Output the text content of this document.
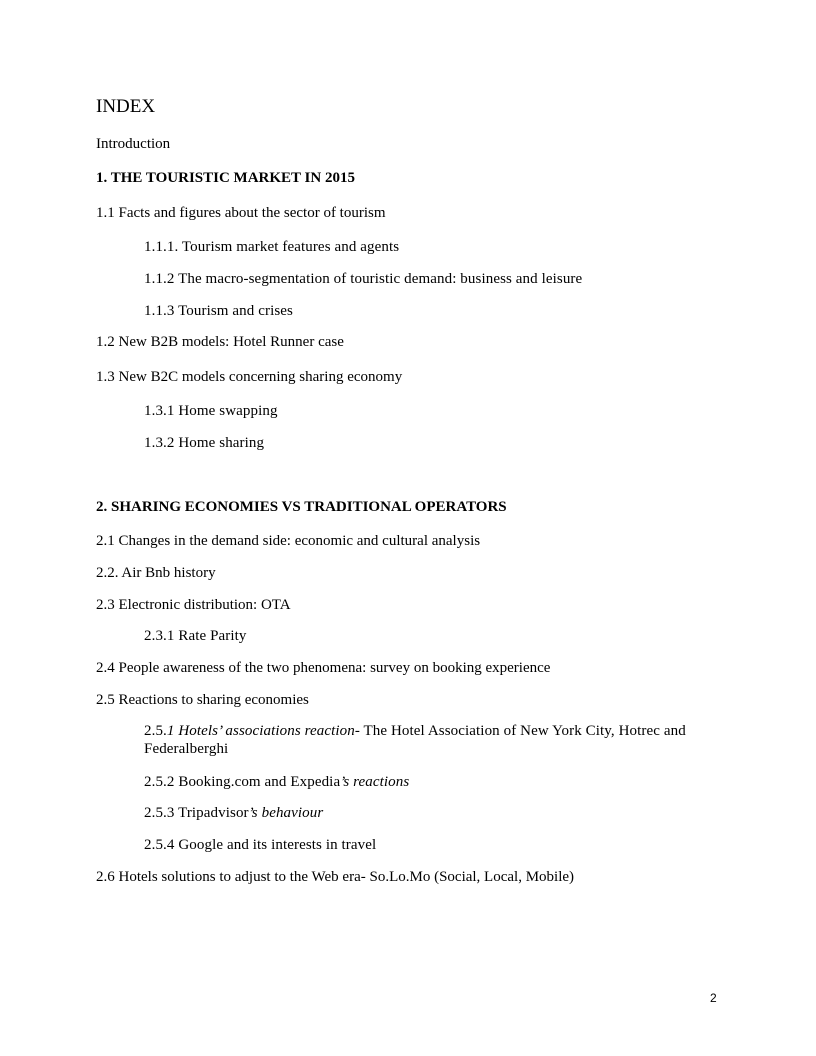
INDEX
Introduction
1. THE TOURISTIC MARKET IN 2015
1.1 Facts and figures about the sector of tourism
1.1.1. Tourism market features and agents
1.1.2 The macro-segmentation of touristic demand: business and leisure
1.1.3 Tourism and crises
1.2 New B2B models: Hotel Runner case
1.3 New B2C models concerning sharing economy
1.3.1 Home swapping
1.3.2 Home sharing
2. SHARING ECONOMIES VS TRADITIONAL OPERATORS
2.1 Changes in the demand side: economic and cultural analysis
2.2. Air Bnb history
2.3 Electronic distribution: OTA
2.3.1 Rate Parity
2.4 People awareness of the two phenomena: survey on booking experience
2.5 Reactions to sharing economies
2.5.1 Hotels’ associations reaction- The Hotel Association of New York City, Hotrec and Federalberghi
2.5.2 Booking.com and Expedia’s reactions
2.5.3 Tripadvisor’s behaviour
2.5.4 Google and its interests in travel
2.6 Hotels solutions to adjust to the Web era- So.Lo.Mo (Social, Local, Mobile)
2
